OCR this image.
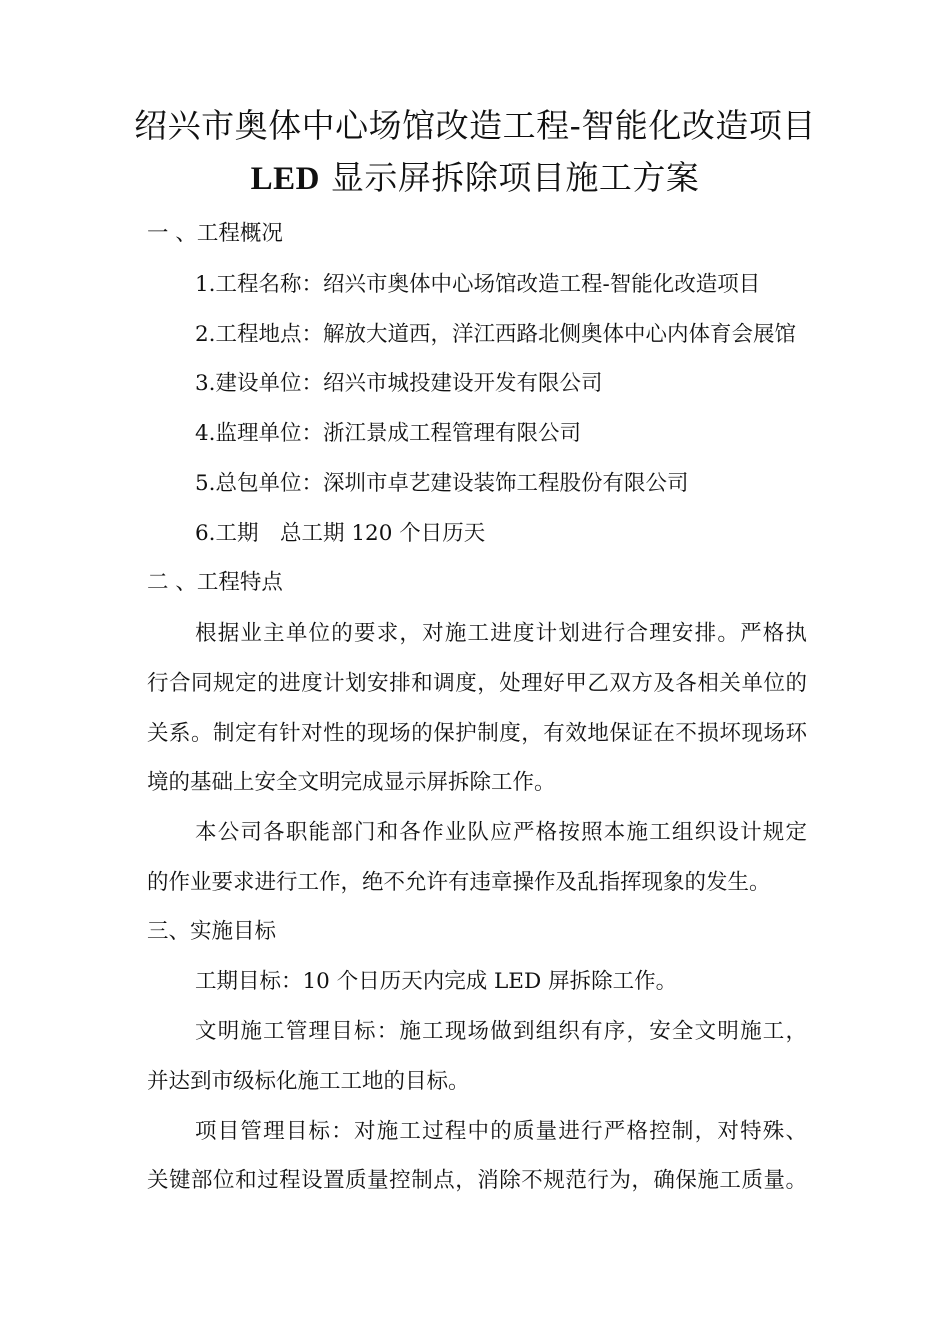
绍兴市奥体中心场馆改造工程-智能化改造项目
LED 显示屏拆除项目施工方案
一 、工程概况
1.工程名称：绍兴市奥体中心场馆改造工程-智能化改造项目
2.工程地点：解放大道西，洋江西路北侧奥体中心内体育会展馆
3.建设单位：绍兴市城投建设开发有限公司
4.监理单位：浙江景成工程管理有限公司
5.总包单位：深圳市卓艺建设装饰工程股份有限公司
6.工期　总工期 120 个日历天
二 、工程特点
根据业主单位的要求，对施工进度计划进行合理安排。严格执
行合同规定的进度计划安排和调度，处理好甲乙双方及各相关单位的
关系。制定有针对性的现场的保护制度，有效地保证在不损坏现场环
境的基础上安全文明完成显示屏拆除工作。
本公司各职能部门和各作业队应严格按照本施工组织设计规定
的作业要求进行工作，绝不允许有违章操作及乱指挥现象的发生。
三、实施目标
工期目标：10 个日历天内完成 LED 屏拆除工作。
文明施工管理目标：施工现场做到组织有序，安全文明施工，
并达到市级标化施工工地的目标。
项目管理目标：对施工过程中的质量进行严格控制，对特殊、
关键部位和过程设置质量控制点，消除不规范行为，确保施工质量。
